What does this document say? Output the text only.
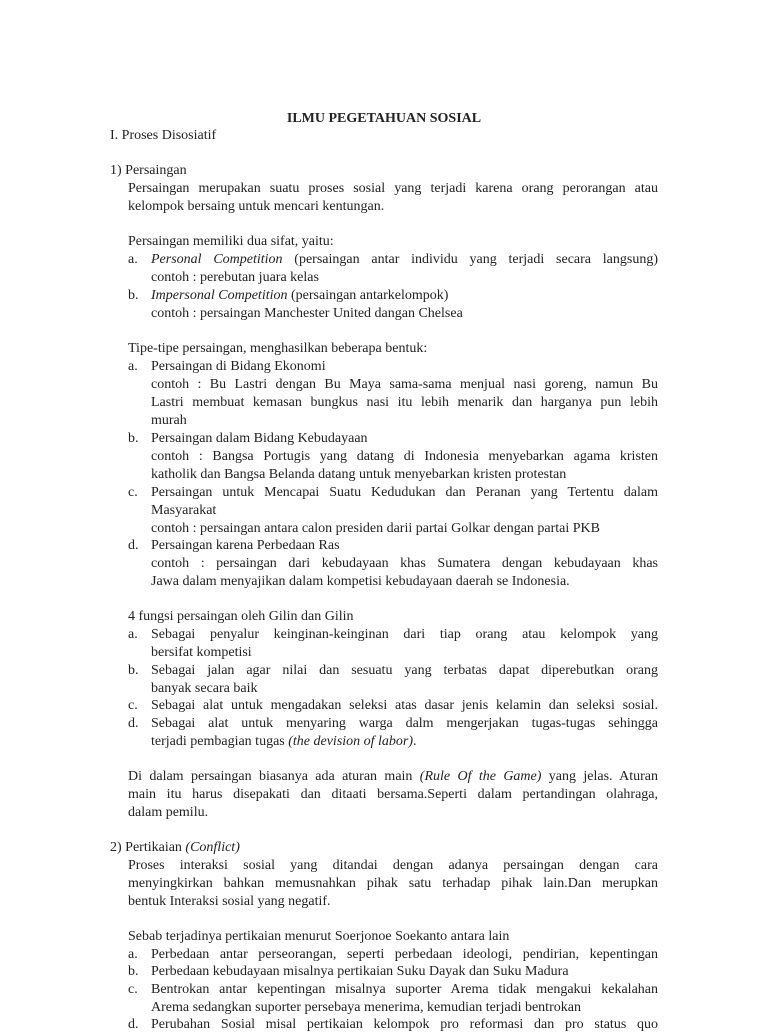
ILMU PEGETAHUAN SOSIAL
I. Proses Disosiatif
1) Persaingan
Persaingan merupakan suatu proses sosial yang terjadi karena orang perorangan atau
kelompok bersaing untuk mencari kentungan.
Persaingan memiliki dua sifat, yaitu:
a. Personal Competition (persaingan antar individu yang terjadi secara langsung)
contoh : perebutan juara kelas
b. Impersonal Competition (persaingan antarkelompok)
contoh : persaingan Manchester United dangan Chelsea
Tipe-tipe persaingan, menghasilkan beberapa bentuk:
a. Persaingan di Bidang Ekonomi
contoh : Bu Lastri dengan Bu Maya sama-sama menjual nasi goreng, namun Bu
Lastri membuat kemasan bungkus nasi itu lebih menarik dan harganya pun lebih
murah
b. Persaingan dalam Bidang Kebudayaan
contoh : Bangsa Portugis yang datang di Indonesia menyebarkan agama kristen
katholik dan Bangsa Belanda datang untuk menyebarkan kristen protestan
c. Persaingan untuk Mencapai Suatu Kedudukan dan Peranan yang Tertentu dalam
Masyarakat
contoh : persaingan antara calon presiden darii partai Golkar dengan partai PKB
d. Persaingan karena Perbedaan Ras
contoh : persaingan dari kebudayaan khas Sumatera dengan kebudayaan khas
Jawa dalam menyajikan dalam kompetisi kebudayaan daerah se Indonesia.
4 fungsi persaingan oleh Gilin dan Gilin
a. Sebagai penyalur keinginan-keinginan dari tiap orang atau kelompok yang
bersifat kompetisi
b. Sebagai jalan agar nilai dan sesuatu yang terbatas dapat diperebutkan orang
banyak secara baik
c. Sebagai alat untuk mengadakan seleksi atas dasar jenis kelamin dan seleksi sosial.
d. Sebagai alat untuk menyaring warga dalm mengerjakan tugas-tugas sehingga
terjadi pembagian tugas (the devision of labor).
Di dalam persaingan biasanya ada aturan main (Rule Of the Game) yang jelas. Aturan
main itu harus disepakati dan ditaati bersama.Seperti dalam pertandingan olahraga,
dalam pemilu.
2) Pertikaian (Conflict)
Proses interaksi sosial yang ditandai dengan adanya persaingan dengan cara
menyingkirkan bahkan memusnahkan pihak satu terhadap pihak lain.Dan merupkan
bentuk Interaksi sosial yang negatif.
Sebab terjadinya pertikaian menurut Soerjonoe Soekanto antara lain
a. Perbedaan antar perseorangan, seperti perbedaan ideologi, pendirian, kepentingan
b. Perbedaan kebudayaan misalnya pertikaian Suku Dayak dan Suku Madura
c. Bentrokan antar kepentingan misalnya suporter Arema tidak mengakui kekalahan
Arema sedangkan suporter persebaya menerima, kemudian terjadi bentrokan
d. Perubahan Sosial misal pertikaian kelompok pro reformasi dan pro status quo
